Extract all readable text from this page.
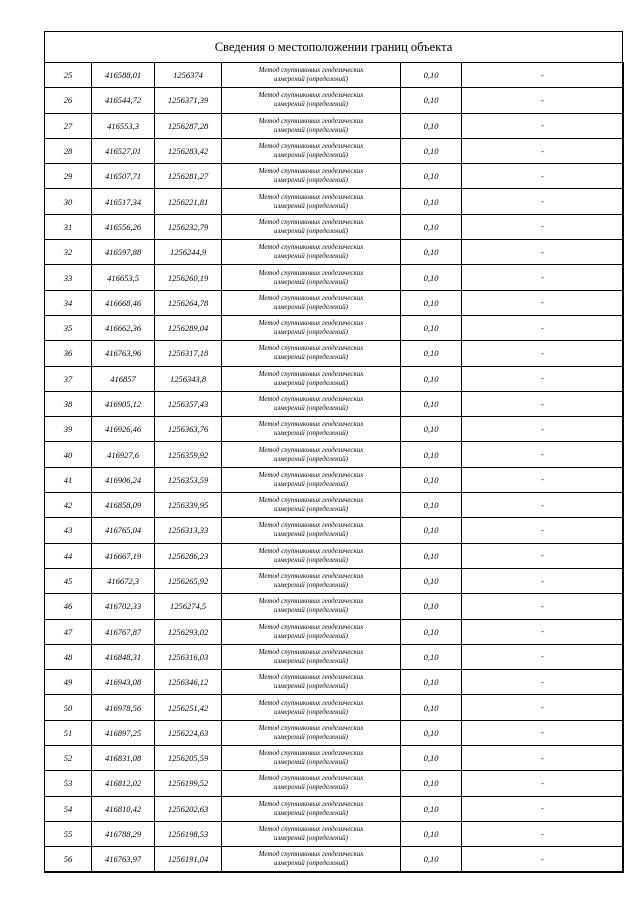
Сведения о местоположении границ объекта
25	416588,01	1256374	Метод спутниковых геодезических
измерений (определений)	0,10	-
26	416544,72	1256371,39	Метод спутниковых геодезических
измерений (определений)	0,10	-
27	416553,3	1256287,28	Метод спутниковых геодезических
измерений (определений)	0,10	-
28	416527,01	1256283,42	Метод спутниковых геодезических
измерений (определений)	0,10	-
29	416507,71	1256281,27	Метод спутниковых геодезических
измерений (определений)	0,10	-
30	416517,34	1256221,81	Метод спутниковых геодезических
измерений (определений)	0,10	-
31	416556,26	1256232,79	Метод спутниковых геодезических
измерений (определений)	0,10	-
32	416597,88	1256244,9	Метод спутниковых геодезических
измерений (определений)	0,10	-
33	416653,5	1256260,19	Метод спутниковых геодезических
измерений (определений)	0,10	-
34	416668,46	1256264,78	Метод спутниковых геодезических
измерений (определений)	0,10	-
35	416662,36	1256289,04	Метод спутниковых геодезических
измерений (определений)	0,10	-
36	416763,96	1256317,18	Метод спутниковых геодезических
измерений (определений)	0,10	-
37	416857	1256343,8	Метод спутниковых геодезических
измерений (определений)	0,10	-
38	416905,12	1256357,43	Метод спутниковых геодезических
измерений (определений)	0,10	-
39	416926,46	1256363,76	Метод спутниковых геодезических
измерений (определений)	0,10	-
40	416927,6	1256359,92	Метод спутниковых геодезических
измерений (определений)	0,10	-
41	416906,24	1256353,59	Метод спутниковых геодезических
измерений (определений)	0,10	-
42	416858,09	1256339,95	Метод спутниковых геодезических
измерений (определений)	0,10	-
43	416765,04	1256313,33	Метод спутниковых геодезических
измерений (определений)	0,10	-
44	416667,19	1256286,23	Метод спутниковых геодезических
измерений (определений)	0,10	-
45	416672,3	1256265,92	Метод спутниковых геодезических
измерений (определений)	0,10	-
46	416702,33	1256274,5	Метод спутниковых геодезических
измерений (определений)	0,10	-
47	416767,87	1256293,02	Метод спутниковых геодезических
измерений (определений)	0,10	-
48	416848,31	1256316,03	Метод спутниковых геодезических
измерений (определений)	0,10	-
49	416943,08	1256346,12	Метод спутниковых геодезических
измерений (определений)	0,10	-
50	416978,56	1256251,42	Метод спутниковых геодезических
измерений (определений)	0,10	-
51	416897,25	1256224,63	Метод спутниковых геодезических
измерений (определений)	0,10	-
52	416831,08	1256205,59	Метод спутниковых геодезических
измерений (определений)	0,10	-
53	416812,02	1256199,52	Метод спутниковых геодезических
измерений (определений)	0,10	-
54	416810,42	1256202,63	Метод спутниковых геодезических
измерений (определений)	0,10	-
55	416788,29	1256198,53	Метод спутниковых геодезических
измерений (определений)	0,10	-
56	416763,97	1256191,04	Метод спутниковых геодезических
измерений (определений)	0,10	-
